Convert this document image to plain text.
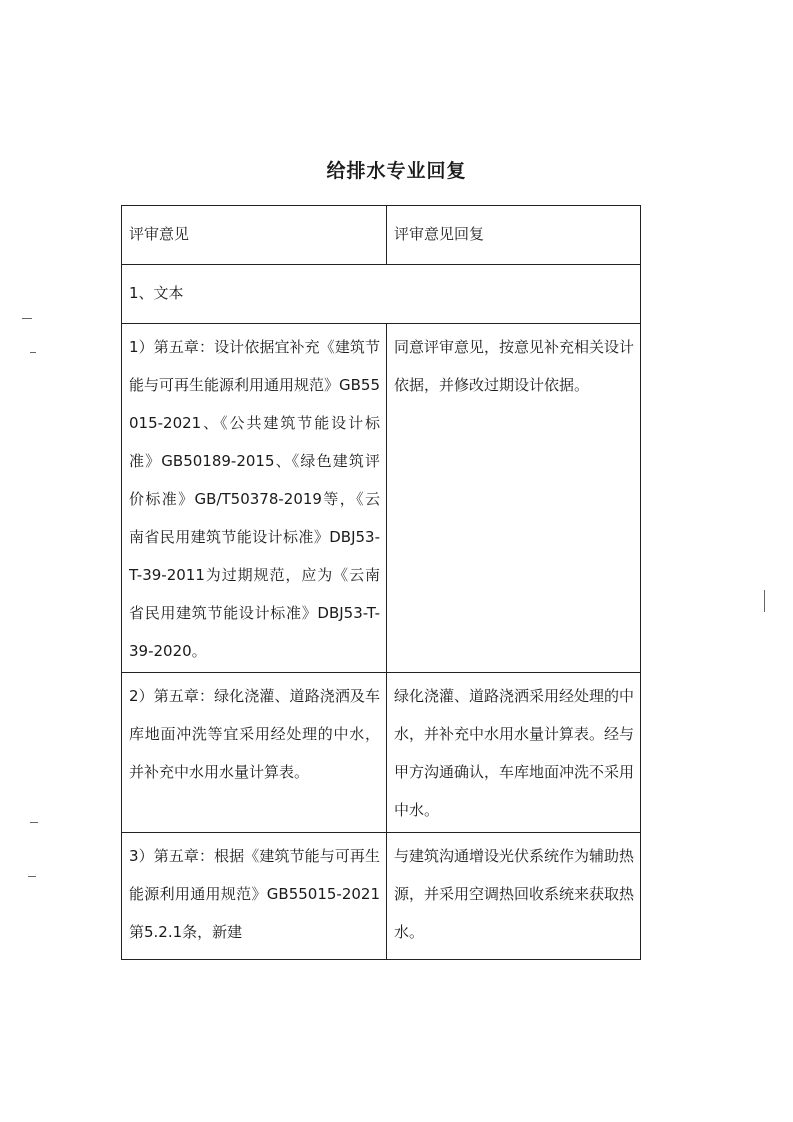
给排水专业回复
评审意见	评审意见回复
1、文本	
1）第五章：设计依据宜补充《建筑节能与可再生能源利用通用规范》GB55015-2021、《公共建筑节能设计标准》GB50189-2015、《绿色建筑评价标准》GB/T50378-2019等，《云南省民用建筑节能设计标准》DBJ53-T-39-2011为过期规范，应为《云南省民用建筑节能设计标准》DBJ53-T-39-2020。	同意评审意见，按意见补充相关设计依据，并修改过期设计依据。
2）第五章：绿化浇灌、道路浇洒及车库地面冲洗等宜采用经处理的中水，并补充中水用水量计算表。	绿化浇灌、道路浇洒采用经处理的中水，并补充中水用水量计算表。经与甲方沟通确认，车库地面冲洗不采用中水。
3）第五章：根据《建筑节能与可再生能源利用通用规范》GB55015-2021第5.2.1条，新建	与建筑沟通增设光伏系统作为辅助热源，并采用空调热回收系统来获取热水。
